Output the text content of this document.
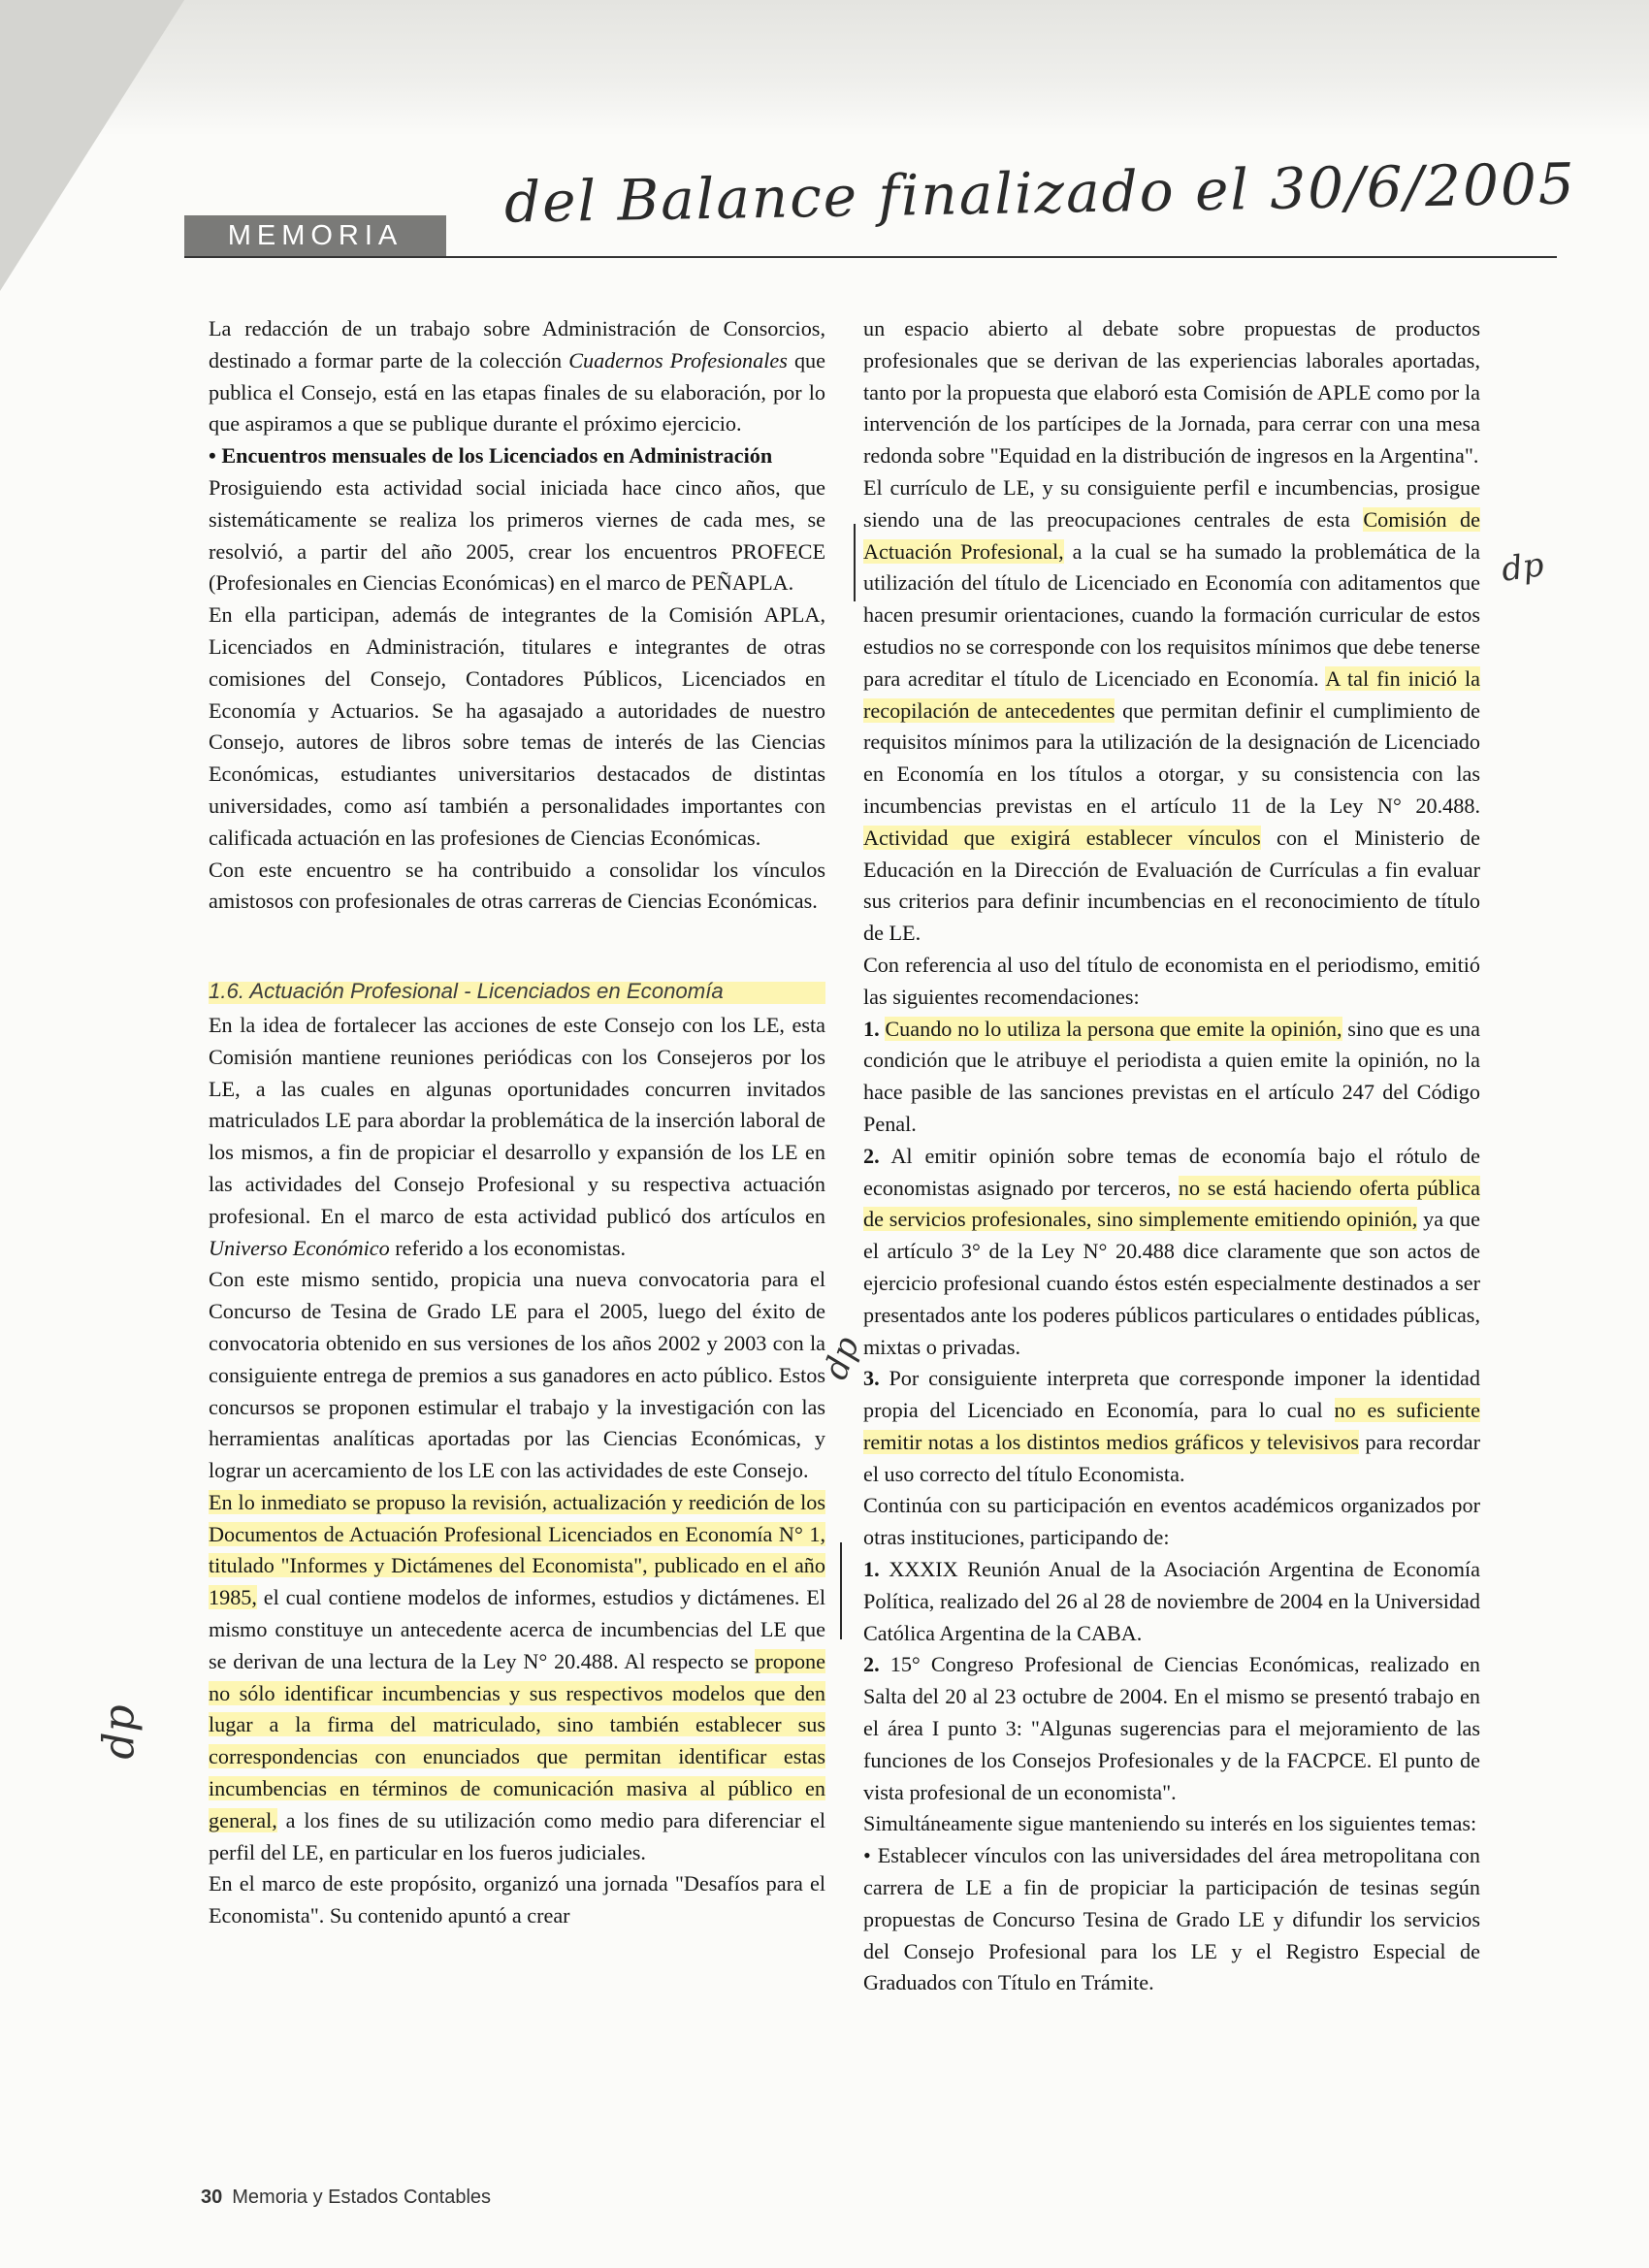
del Balance finalizado el 30/6/2005
MEMORIA

La redacción de un trabajo sobre Administración de Consorcios, destinado a formar parte de la colección Cuadernos Profesionales que publica el Consejo, está en las etapas finales de su elaboración, por lo que aspiramos a que se publique durante el próximo ejercicio.

• Encuentros mensuales de los Licenciados en Administración

Prosiguiendo esta actividad social iniciada hace cinco años, que sistemáticamente se realiza los primeros viernes de cada mes, se resolvió, a partir del año 2005, crear los encuentros PROFECE (Profesionales en Ciencias Económicas) en el marco de PEÑAPLA.

En ella participan, además de integrantes de la Comisión APLA, Licenciados en Administración, titulares e integrantes de otras comisiones del Consejo, Contadores Públicos, Licenciados en Economía y Actuarios. Se ha agasajado a autoridades de nuestro Consejo, autores de libros sobre temas de interés de las Ciencias Económicas, estudiantes universitarios destacados de distintas universidades, como así también a personalidades importantes con calificada actuación en las profesiones de Ciencias Económicas.

Con este encuentro se ha contribuido a consolidar los vínculos amistosos con profesionales de otras carreras de Ciencias Económicas.

1.6. Actuación Profesional - Licenciados en Economía

En la idea de fortalecer las acciones de este Consejo con los LE, esta Comisión mantiene reuniones periódicas con los Consejeros por los LE, a las cuales en algunas oportunidades concurren invitados matriculados LE para abordar la problemática de la inserción laboral de los mismos, a fin de propiciar el desarrollo y expansión de los LE en las actividades del Consejo Profesional y su respectiva actuación profesional. En el marco de esta actividad publicó dos artículos en Universo Económico referido a los economistas.

Con este mismo sentido, propicia una nueva convocatoria para el Concurso de Tesina de Grado LE para el 2005, luego del éxito de convocatoria obtenido en sus versiones de los años 2002 y 2003 con la consiguiente entrega de premios a sus ganadores en acto público. Estos concursos se proponen estimular el trabajo y la investigación con las herramientas analíticas aportadas por las Ciencias Económicas, y lograr un acercamiento de los LE con las actividades de este Consejo.

En lo inmediato se propuso la revisión, actualización y reedición de los Documentos de Actuación Profesional Licenciados en Economía N° 1, titulado "Informes y Dictámenes del Economista", publicado en el año 1985, el cual contiene modelos de informes, estudios y dictámenes. El mismo constituye un antecedente acerca de incumbencias del LE que se derivan de una lectura de la Ley N° 20.488. Al respecto se propone no sólo identificar incumbencias y sus respectivos modelos que den lugar a la firma del matriculado, sino también establecer sus correspondencias con enunciados que permitan identificar estas incumbencias en términos de comunicación masiva al público en general, a los fines de su utilización como medio para diferenciar el perfil del LE, en particular en los fueros judiciales.

En el marco de este propósito, organizó una jornada "Desafíos para el Economista". Su contenido apuntó a crear

un espacio abierto al debate sobre propuestas de productos profesionales que se derivan de las experiencias laborales aportadas, tanto por la propuesta que elaboró esta Comisión de APLE como por la intervención de los partícipes de la Jornada, para cerrar con una mesa redonda sobre "Equidad en la distribución de ingresos en la Argentina".

El currículo de LE, y su consiguiente perfil e incumbencias, prosigue siendo una de las preocupaciones centrales de esta Comisión de Actuación Profesional, a la cual se ha sumado la problemática de la utilización del título de Licenciado en Economía con aditamentos que hacen presumir orientaciones, cuando la formación curricular de estos estudios no se corresponde con los requisitos mínimos que debe tenerse para acreditar el título de Licenciado en Economía. A tal fin inició la recopilación de antecedentes que permitan definir el cumplimiento de requisitos mínimos para la utilización de la designación de Licenciado en Economía en los títulos a otorgar, y su consistencia con las incumbencias previstas en el artículo 11 de la Ley N° 20.488. Actividad que exigirá establecer vínculos con el Ministerio de Educación en la Dirección de Evaluación de Currículas a fin evaluar sus criterios para definir incumbencias en el reconocimiento de título de LE.

Con referencia al uso del título de economista en el periodismo, emitió las siguientes recomendaciones:

1. Cuando no lo utiliza la persona que emite la opinión, sino que es una condición que le atribuye el periodista a quien emite la opinión, no la hace pasible de las sanciones previstas en el artículo 247 del Código Penal.

2. Al emitir opinión sobre temas de economía bajo el rótulo de economistas asignado por terceros, no se está haciendo oferta pública de servicios profesionales, sino simplemente emitiendo opinión, ya que el artículo 3° de la Ley N° 20.488 dice claramente que son actos de ejercicio profesional cuando éstos estén especialmente destinados a ser presentados ante los poderes públicos particulares o entidades públicas, mixtas o privadas.

3. Por consiguiente interpreta que corresponde imponer la identidad propia del Licenciado en Economía, para lo cual no es suficiente remitir notas a los distintos medios gráficos y televisivos para recordar el uso correcto del título Economista.

Continúa con su participación en eventos académicos organizados por otras instituciones, participando de:

1. XXXIX Reunión Anual de la Asociación Argentina de Economía Política, realizado del 26 al 28 de noviembre de 2004 en la Universidad Católica Argentina de la CABA.

2. 15° Congreso Profesional de Ciencias Económicas, realizado en Salta del 20 al 23 octubre de 2004. En el mismo se presentó trabajo en el área I punto 3: "Algunas sugerencias para el mejoramiento de las funciones de los Consejos Profesionales y de la FACPCE. El punto de vista profesional de un economista".

Simultáneamente sigue manteniendo su interés en los siguientes temas:

• Establecer vínculos con las universidades del área metropolitana con carrera de LE a fin de propiciar la participación de tesinas según propuestas de Concurso Tesina de Grado LE y difundir los servicios del Consejo Profesional para los LE y el Registro Especial de Graduados con Título en Trámite.

dp
dp
dp
30 Memoria y Estados Contables
